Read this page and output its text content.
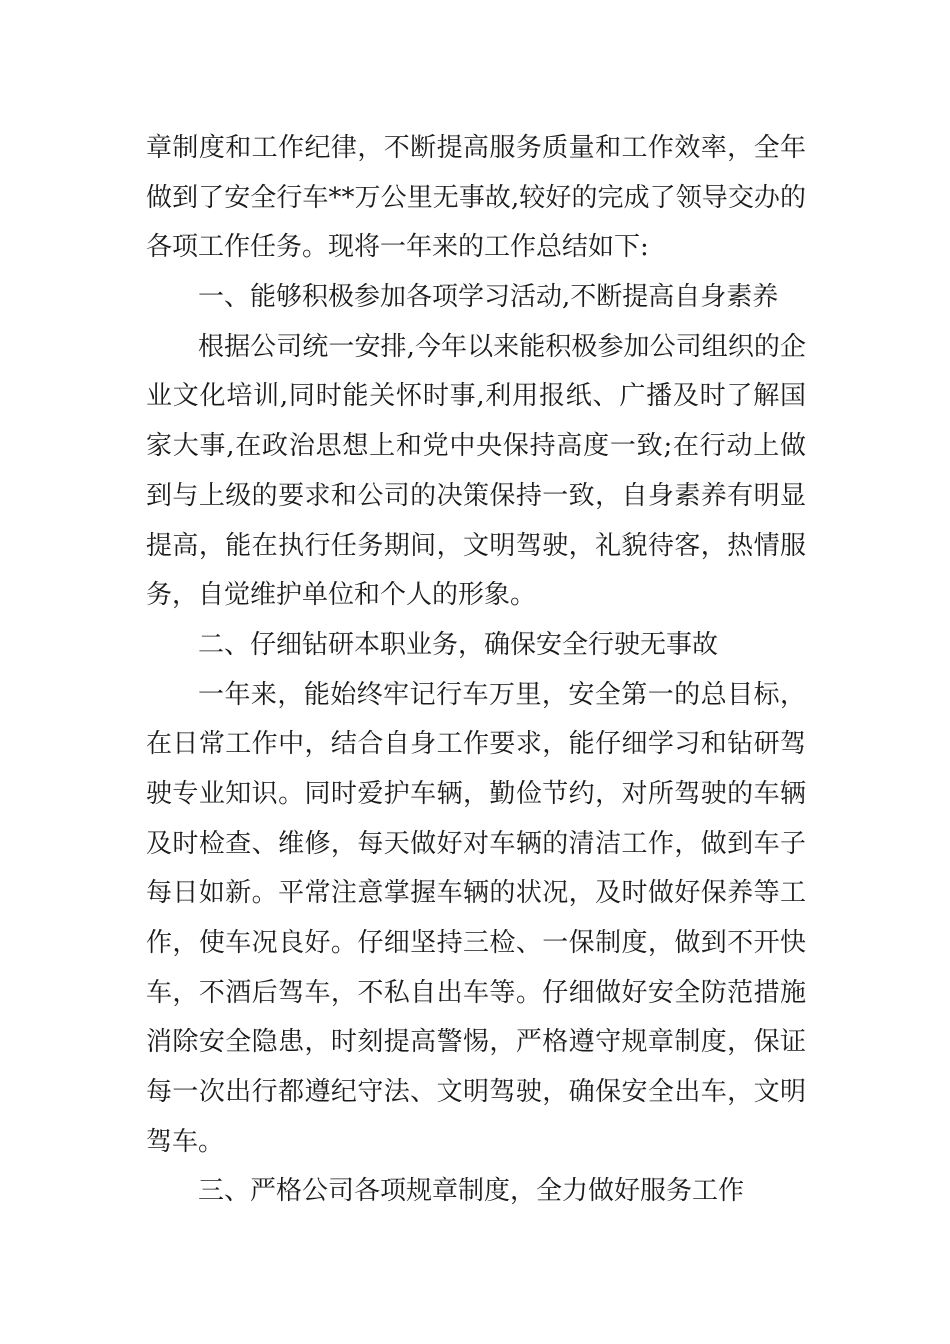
章制度和工作纪律，不断提高服务质量和工作效率，全年
做到了安全行车**万公里无事故,较好的完成了领导交办的
各项工作任务。现将一年来的工作总结如下:
一、能够积极参加各项学习活动,不断提高自身素养
根据公司统一安排,今年以来能积极参加公司组织的企
业文化培训,同时能关怀时事,利用报纸、广播及时了解国
家大事,在政治思想上和党中央保持高度一致;在行动上做
到与上级的要求和公司的决策保持一致，自身素养有明显
提高，能在执行任务期间，文明驾驶，礼貌待客，热情服
务，自觉维护单位和个人的形象。
二、仔细钻研本职业务，确保安全行驶无事故
一年来，能始终牢记行车万里，安全第一的总目标，
在日常工作中，结合自身工作要求，能仔细学习和钻研驾
驶专业知识。同时爱护车辆，勤俭节约，对所驾驶的车辆
及时检查、维修，每天做好对车辆的清洁工作，做到车子
每日如新。平常注意掌握车辆的状况，及时做好保养等工
作，使车况良好。仔细坚持三检、一保制度，做到不开快
车，不酒后驾车，不私自出车等。仔细做好安全防范措施
消除安全隐患，时刻提高警惕，严格遵守规章制度，保证
每一次出行都遵纪守法、文明驾驶，确保安全出车，文明
驾车。
三、严格公司各项规章制度，全力做好服务工作
